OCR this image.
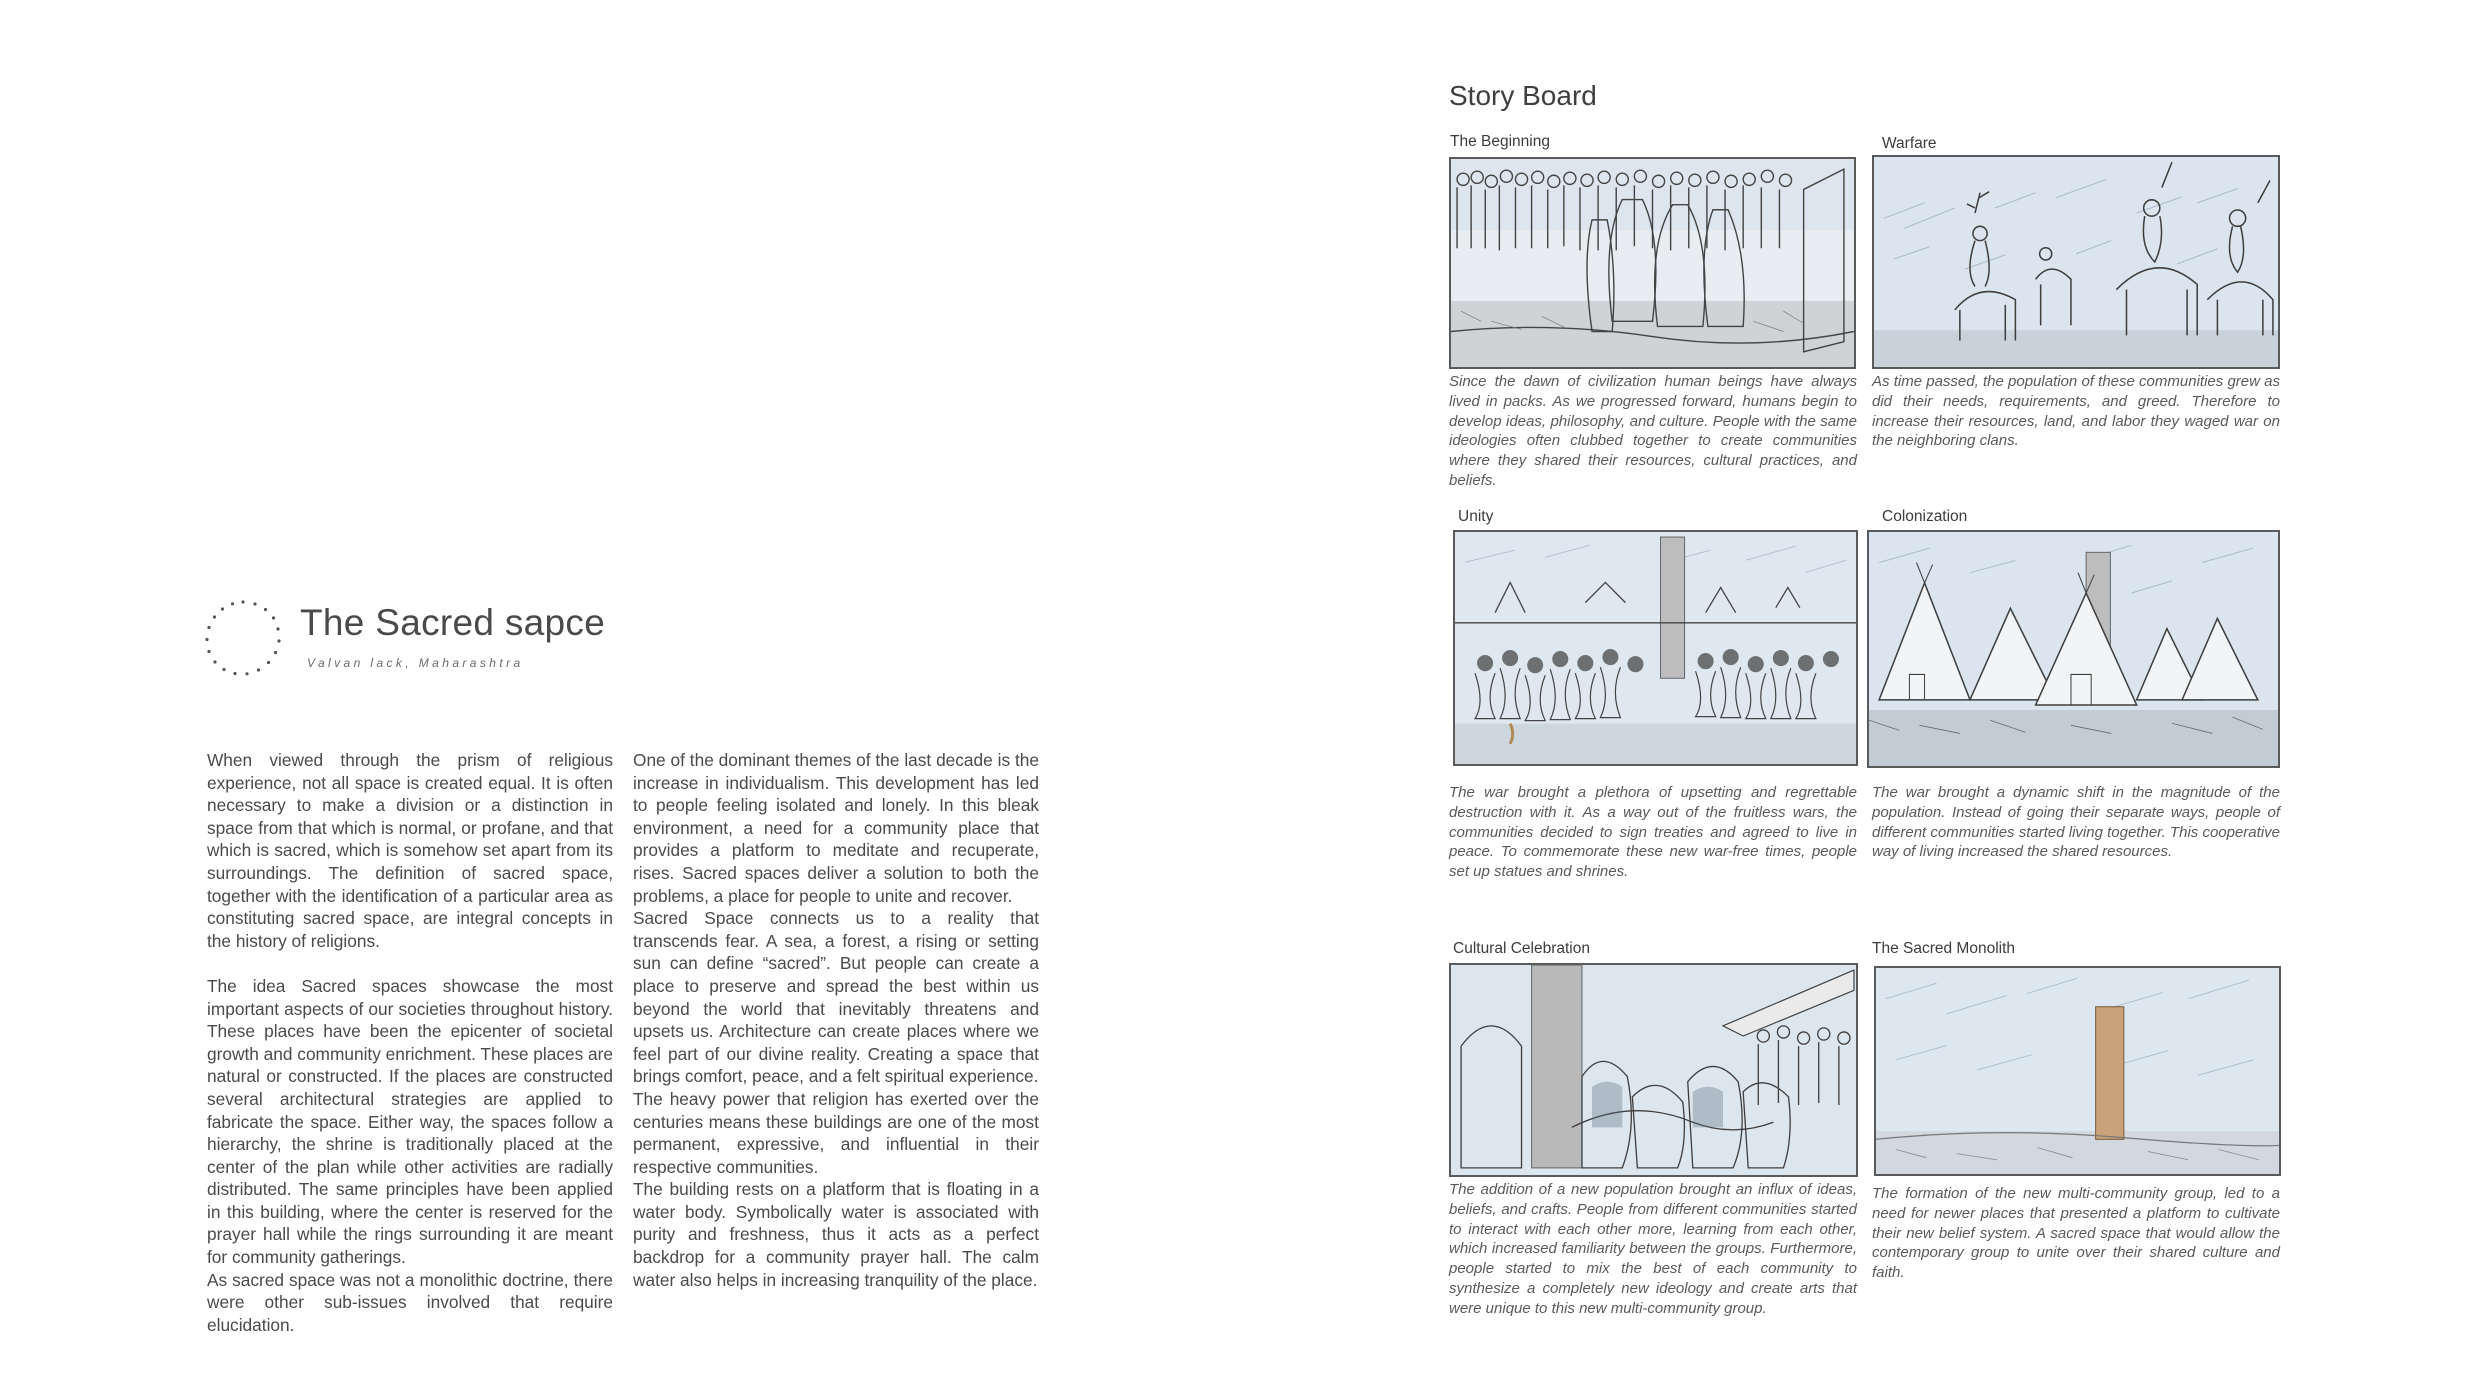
The Sacred sapce
Valvan lack, Maharashtra

When viewed through the prism of religious experience, not all space is created equal. It is often necessary to make a division or a distinction in space from that which is normal, or profane, and that which is sacred, which is somehow set apart from its surroundings. The definition of sacred space, together with the identification of a particular area as constituting sacred space, are integral concepts in the history of religions.

The idea Sacred spaces showcase the most important aspects of our societies throughout history. These places have been the epicenter of societal growth and community enrichment. These places are natural or constructed. If the places are constructed several architectural strategies are applied to fabricate the space. Either way, the spaces follow a hierarchy, the shrine is traditionally placed at the center of the plan while other activities are radially distributed. The same principles have been applied in this building, where the center is reserved for the prayer hall while the rings surrounding it are meant for community gatherings.

As sacred space was not a monolithic doctrine, there were other sub-issues involved that require elucidation.

One of the dominant themes of the last decade is the increase in individualism. This development has led to people feeling isolated and lonely. In this bleak environment, a need for a community place that provides a platform to meditate and recuperate, rises. Sacred spaces deliver a solution to both the problems, a place for people to unite and recover.

Sacred Space connects us to a reality that transcends fear. A sea, a forest, a rising or setting sun can define “sacred”. But people can create a place to preserve and spread the best within us beyond the world that inevitably threatens and upsets us. Architecture can create places where we feel part of our divine reality. Creating a space that brings comfort, peace, and a felt spiritual experience.

The heavy power that religion has exerted over the centuries means these buildings are one of the most permanent, expressive, and influential in their respective communities.

The building rests on a platform that is floating in a water body. Symbolically water is associated with purity and freshness, thus it acts as a perfect backdrop for a community prayer hall. The calm water also helps in increasing tranquility of the place.

Story Board
The Beginning
Since the dawn of civilization human beings have always lived in packs. As we progressed forward, humans begin to develop ideas, philosophy, and culture. People with the same ideologies often clubbed together to create communities where they shared their resources, cultural practices, and beliefs.
Warfare
As time passed, the population of these communities grew as did their needs, requirements, and greed. Therefore to increase their resources, land, and labor they waged war on the neighboring clans.
Unity
The war brought a plethora of upsetting and regrettable destruction with it. As a way out of the fruitless wars, the communities decided to sign treaties and agreed to live in peace. To commemorate these new war-free times, people set up statues and shrines.
Colonization
The war brought a dynamic shift in the magnitude of the population. Instead of going their separate ways, people of different communities started living together. This cooperative way of living increased the shared resources.
Cultural Celebration
The addition of a new population brought an influx of ideas, beliefs, and crafts. People from different communities started to interact with each other more, learning from each other, which increased familiarity between the groups. Furthermore, people started to mix the best of each community to synthesize a completely new ideology and create arts that were unique to this new multi-community group.
The Sacred Monolith
The formation of the new multi-community group, led to a need for newer places that presented a platform to cultivate their new belief system. A sacred space that would allow the contemporary group to unite over their shared culture and faith.
